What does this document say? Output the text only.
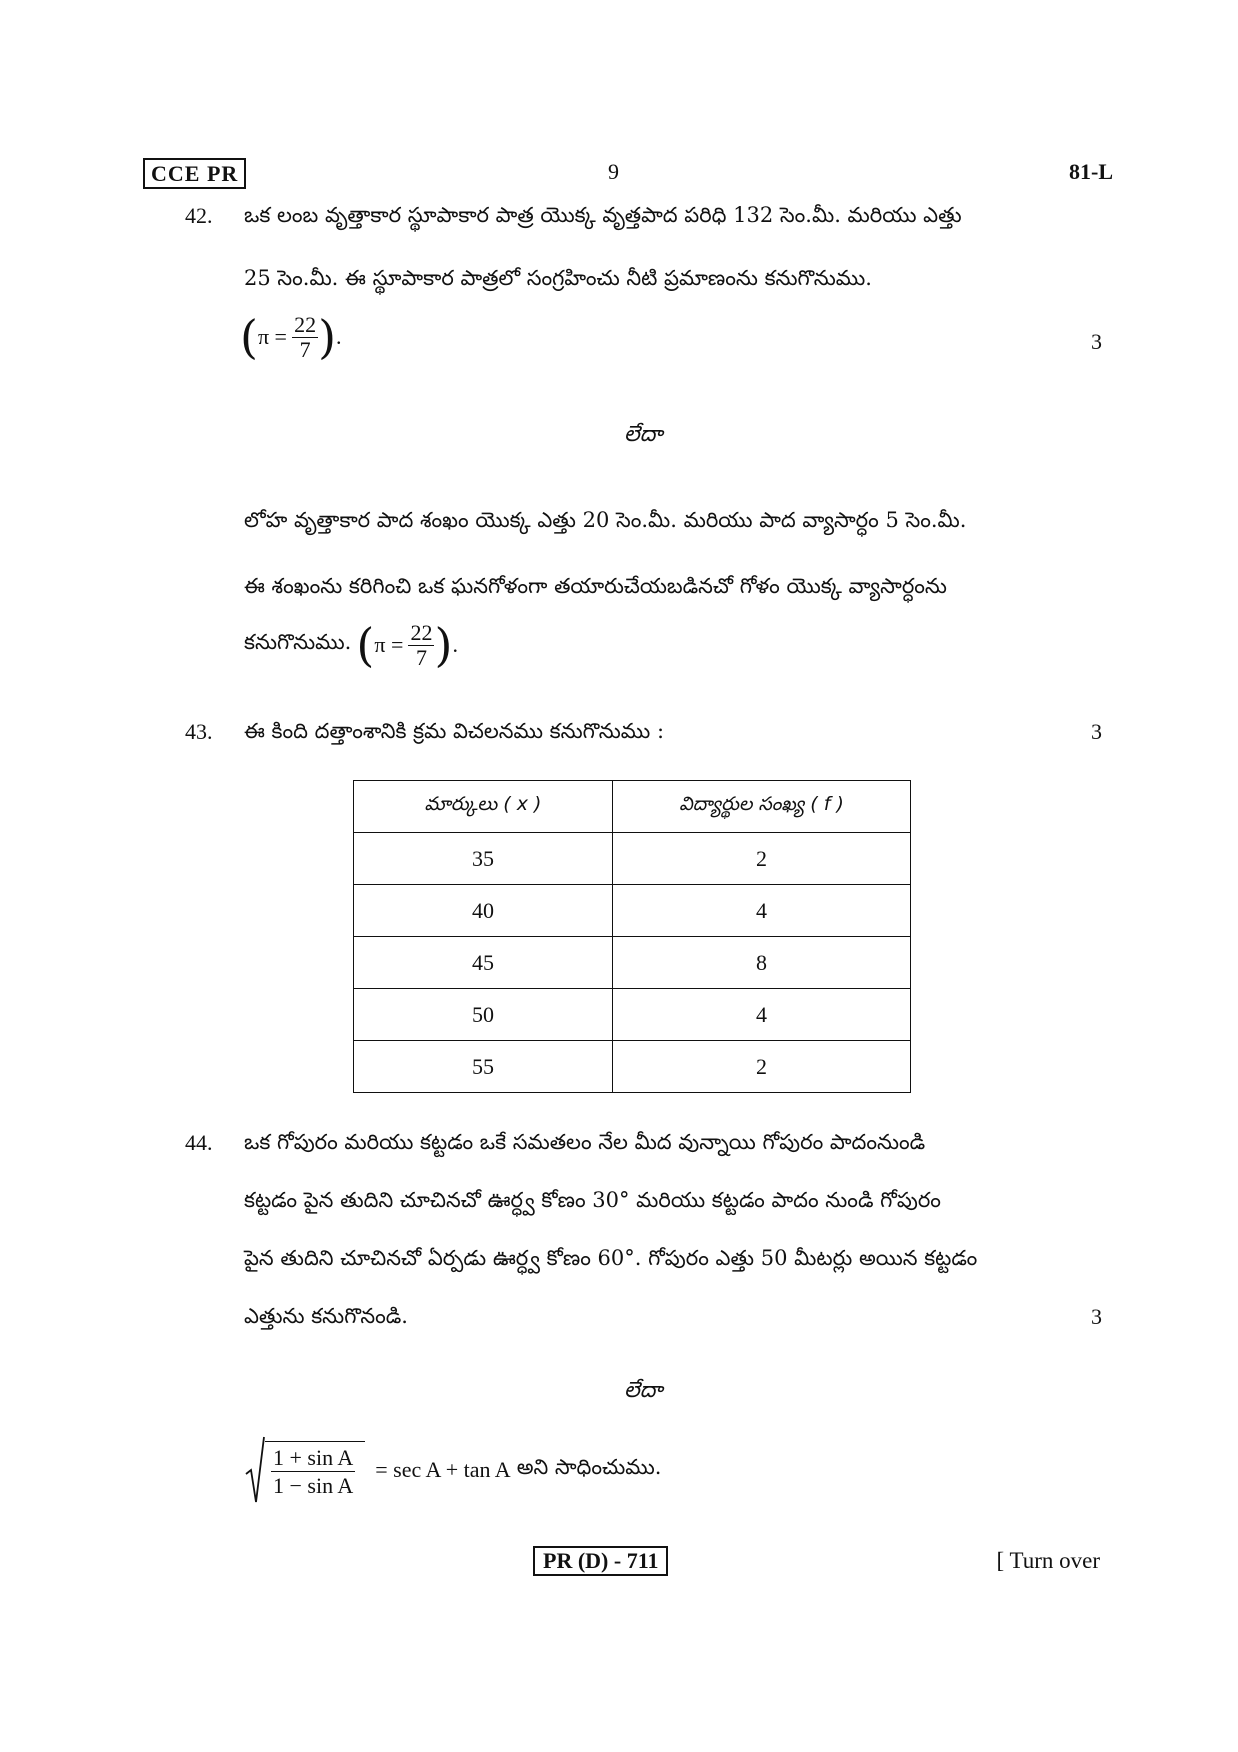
CCE PR	9	81-L
42. ఒక లంబ వృత్తాకార స్థూపాకార పాత్ర యొక్క వృత్తపాద పరిధి 132 సెం.మీ. మరియు ఎత్తు
25 సెం.మీ. ఈ స్థూపాకార పాత్రలో సంగ్రహించు నీటి ప్రమాణంను కనుగొనుము.
($\pi = \frac{22}{7}$ ).	3
లేదా
లోహ వృత్తాకార పాద శంఖం యొక్క ఎత్తు 20 సెం.మీ. మరియు పాద వ్యాసార్ధం 5 సెం.మీ.
ఈ శంఖంను కరిగించి ఒక ఘనగోళంగా తయారుచేయబడినచో గోళం యొక్క వ్యాసార్ధంను
కనుగొనుము. ($\pi = \frac{22}{7}$ ).
43. ఈ కింది దత్తాంశానికి క్రమ విచలనము కనుగొనుము :	3
మార్కులు ( x )	విద్యార్థుల సంఖ్య ( f )
35	2
40	4
45	8
50	4
55	2
44. ఒక గోపురం మరియు కట్టడం ఒకే సమతలం నేల మీద వున్నాయి గోపురం పాదంనుండి
కట్టడం పైన తుదిని చూచినచో ఊర్ధ్వ కోణం 30° మరియు కట్టడం పాదం నుండి గోపురం
పైన తుదిని చూచినచో ఏర్పడు ఊర్ధ్వ కోణం 60°. గోపురం ఎత్తు 50 మీటర్లు అయిన కట్టడం
ఎత్తును కనుగొనండి.	3
లేదా
$\frac{\text{1 + sin A}}{\text{1 − sin A}} = \sec A + \tan A$ అని సాధించుము.
PR (D) - 711	[ Turn over
